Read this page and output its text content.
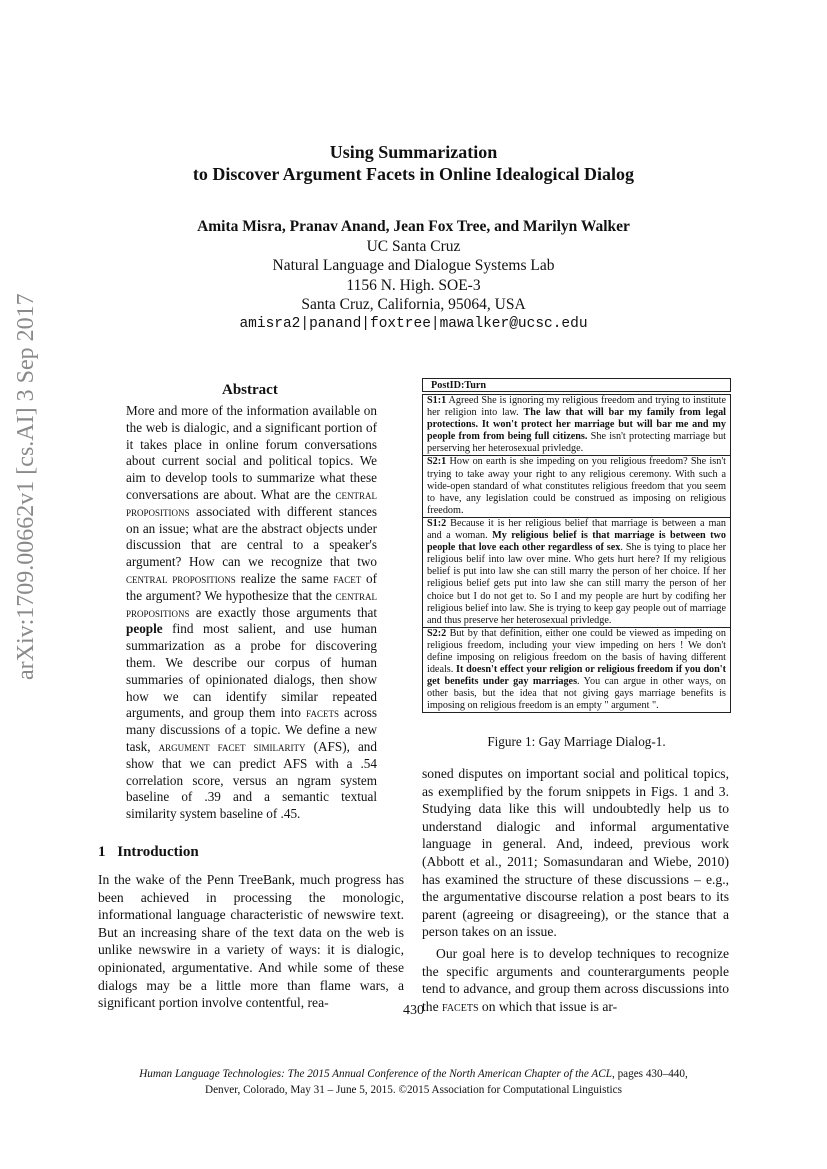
arXiv:1709.00662v1 [cs.AI] 3 Sep 2017
Using Summarization
to Discover Argument Facets in Online Idealogical Dialog
Amita Misra, Pranav Anand, Jean Fox Tree, and Marilyn Walker
UC Santa Cruz
Natural Language and Dialogue Systems Lab
1156 N. High. SOE-3
Santa Cruz, California, 95064, USA
amisra2|panand|foxtree|mawalker@ucsc.edu
Abstract
More and more of the information available on the web is dialogic, and a significant portion of it takes place in online forum conversations about current social and political topics. We aim to develop tools to summarize what these conversations are about. What are the central propositions associated with different stances on an issue; what are the abstract objects under discussion that are central to a speaker's argument? How can we recognize that two central propositions realize the same facet of the argument? We hypothesize that the central propositions are exactly those arguments that people find most salient, and use human summarization as a probe for discovering them. We describe our corpus of human summaries of opinionated dialogs, then show how we can identify similar repeated arguments, and group them into facets across many discussions of a topic. We define a new task, argument facet similarity (AFS), and show that we can predict AFS with a .54 correlation score, versus an ngram system baseline of .39 and a semantic textual similarity system baseline of .45.
1 Introduction
In the wake of the Penn TreeBank, much progress has been achieved in processing the monologic, informational language characteristic of newswire text. But an increasing share of the text data on the web is unlike newswire in a variety of ways: it is dialogic, opinionated, argumentative. And while some of these dialogs may be a little more than flame wars, a significant portion involve contentful, rea-
PostID:Turn
S1:1 Agreed She is ignoring my religious freedom and trying to institute her religion into law. The law that will bar my family from legal protections. It won't protect her marriage but will bar me and my people from from being full citizens. She isn't protecting marriage but perserving her heterosexual privledge.
S2:1 How on earth is she impeding on you religious freedom? She isn't trying to take away your right to any religious ceremony. With such a wide-open standard of what constitutes religious freedom that you seem to have, any legislation could be construed as imposing on religious freedom.
S1:2 Because it is her religious belief that marriage is between a man and a woman. My religious belief is that marriage is between two people that love each other regardless of sex. She is tying to place her religious belif into law over mine. Who gets hurt here? If my religious belief is put into law she can still marry the person of her choice. If her religious belief gets put into law she can still marry the person of her choice but I do not get to. So I and my people are hurt by codifing her religious belief into law. She is trying to keep gay people out of marriage and thus preserve her heterosexual privledge.
S2:2 But by that definition, either one could be viewed as impeding on religious freedom, including your view impeding on hers ! We don't define imposing on religious freedom on the basis of having different ideals. It doesn't effect your religion or religious freedom if you don't get benefits under gay marriages. You can argue in other ways, on other basis, but the idea that not giving gays marriage benefits is imposing on religious freedom is an empty " argument ".
Figure 1: Gay Marriage Dialog-1.

soned disputes on important social and political topics, as exemplified by the forum snippets in Figs. 1 and 3. Studying data like this will undoubtedly help us to understand dialogic and informal argumentative language in general. And, indeed, previous work (Abbott et al., 2011; Somasundaran and Wiebe, 2010) has examined the structure of these discussions – e.g., the argumentative discourse relation a post bears to its parent (agreeing or disagreeing), or the stance that a person takes on an issue.

Our goal here is to develop techniques to recognize the specific arguments and counterarguments people tend to advance, and group them across discussions into the facets on which that issue is ar-

430
Human Language Technologies: The 2015 Annual Conference of the North American Chapter of the ACL, pages 430–440,
Denver, Colorado, May 31 – June 5, 2015. ©2015 Association for Computational Linguistics
